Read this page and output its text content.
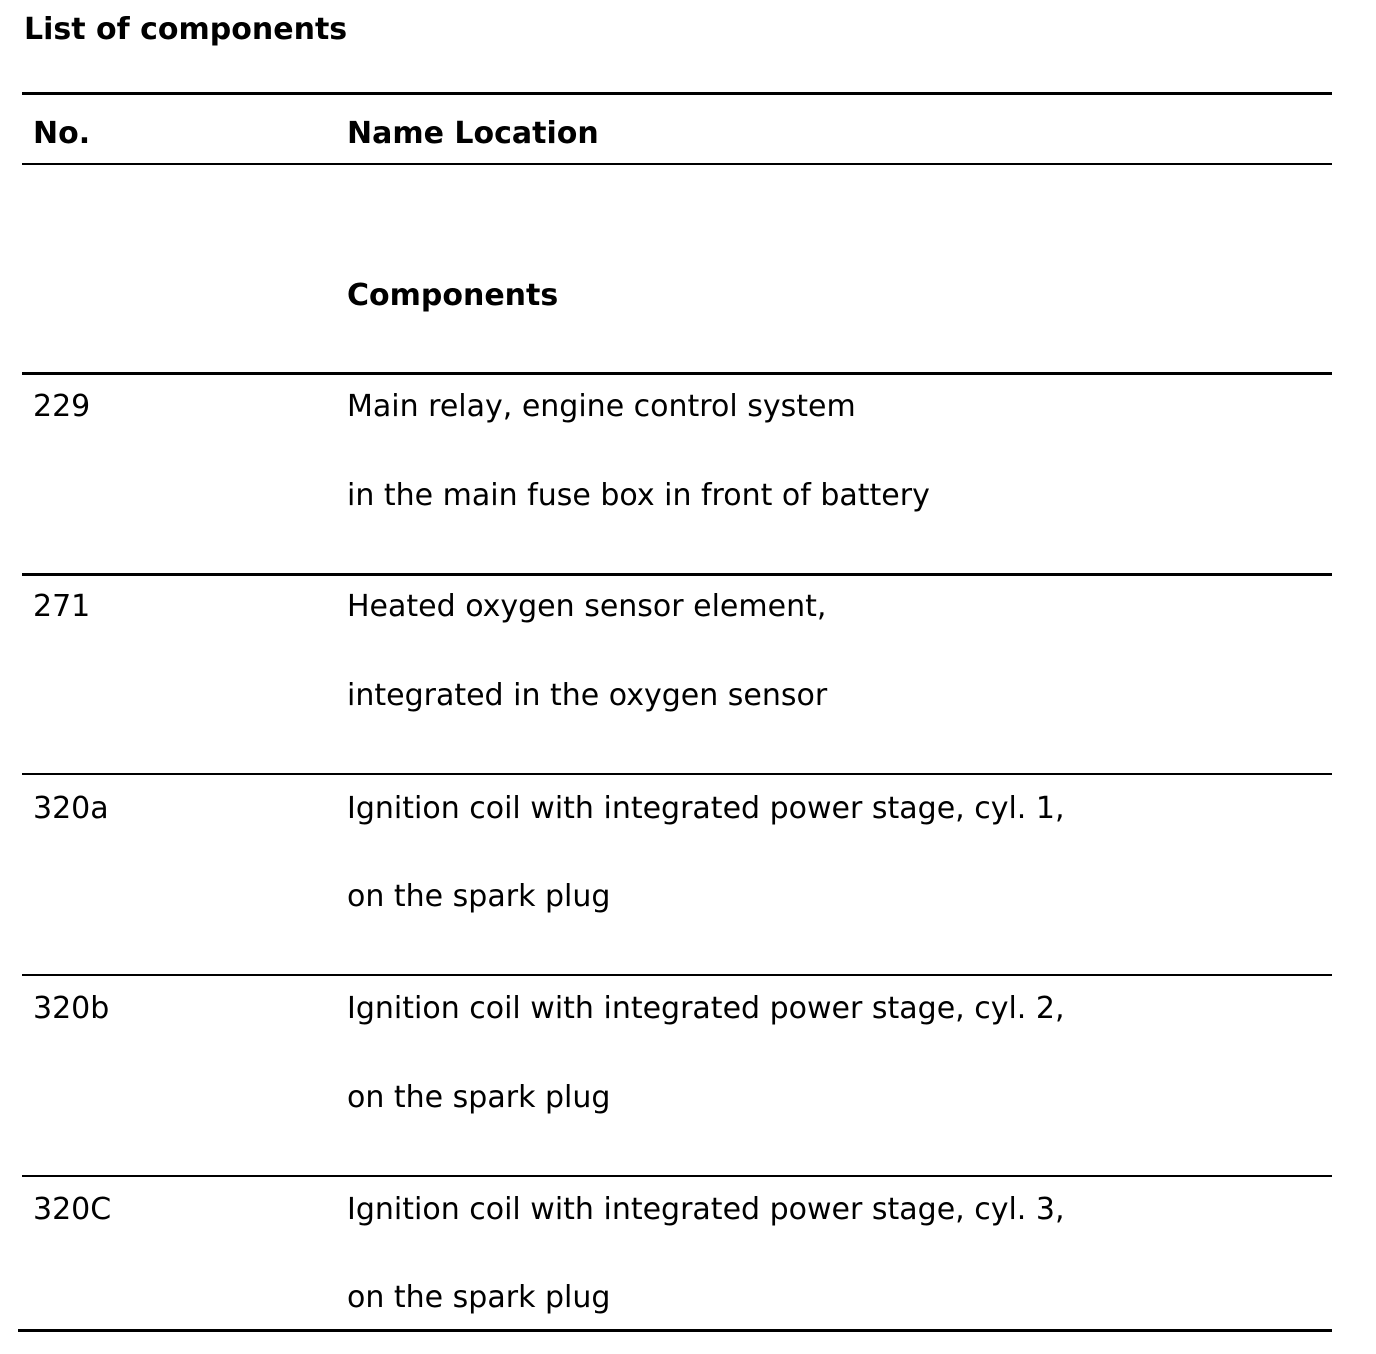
List of components
No.	Name Location
Components
229	Main relay, engine control system
in the main fuse box in front of battery
271	Heated oxygen sensor element,
integrated in the oxygen sensor
320a	Ignition coil with integrated power stage, cyl. 1,
on the spark plug
320b	Ignition coil with integrated power stage, cyl. 2,
on the spark plug
320C	Ignition coil with integrated power stage, cyl. 3,
on the spark plug
